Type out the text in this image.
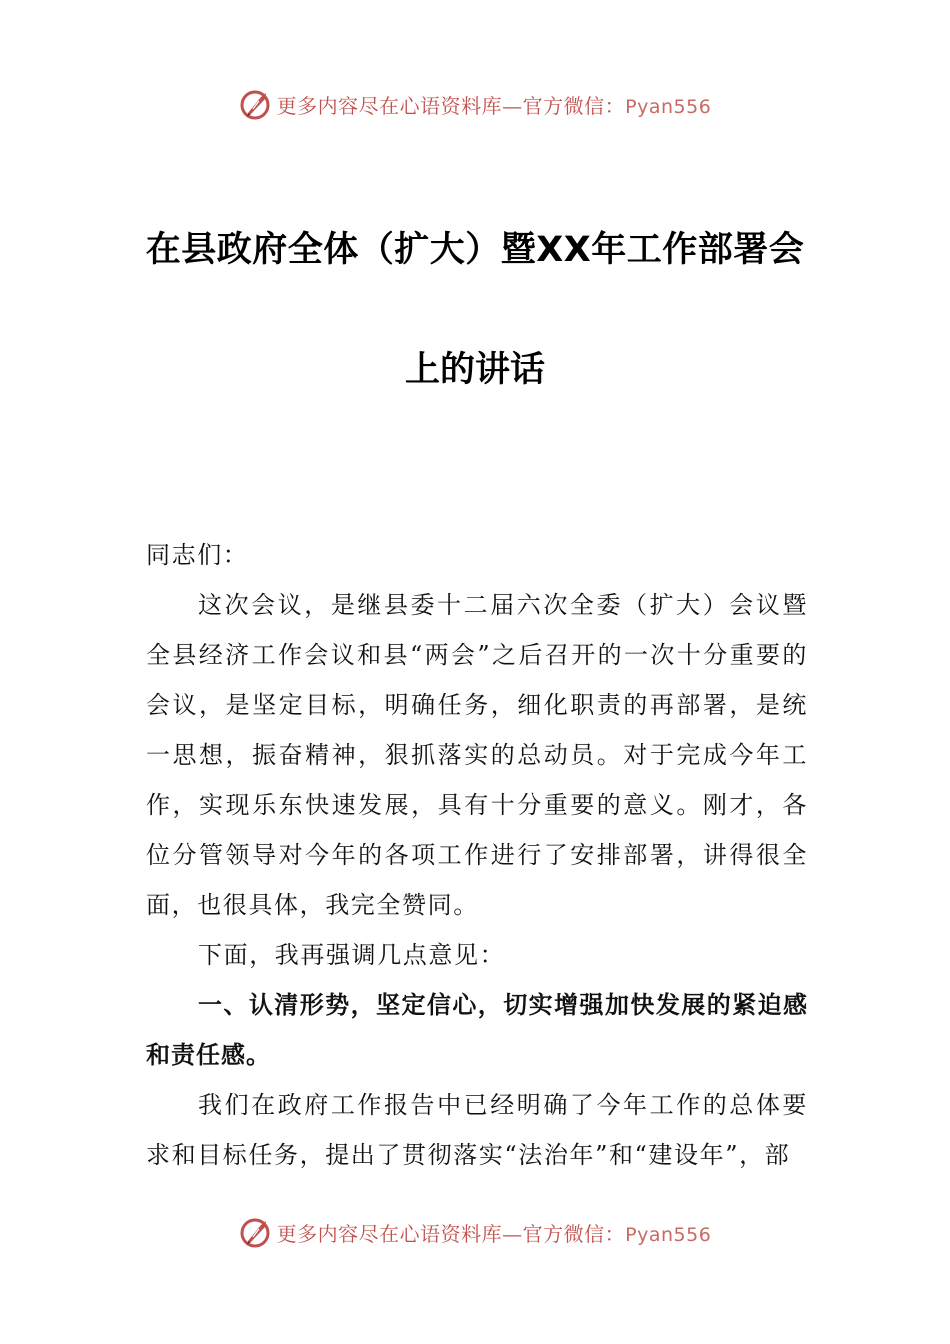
更多内容尽在心语资料库—官方微信：Pyan556
在县政府全体（扩大）暨XX年工作部署会
上的讲话

同志们：

这次会议，是继县委十二届六次全委（扩大）会议暨全县经济工作会议和县“两会”之后召开的一次十分重要的会议，是坚定目标，明确任务，细化职责的再部署，是统一思想，振奋精神，狠抓落实的总动员。对于完成今年工作，实现乐东快速发展，具有十分重要的意义。刚才，各位分管领导对今年的各项工作进行了安排部署，讲得很全面，也很具体，我完全赞同。

下面，我再强调几点意见：

一、认清形势，坚定信心，切实增强加快发展的紧迫感和责任感。

我们在政府工作报告中已经明确了今年工作的总体要求和目标任务，提出了贯彻落实“法治年”和“建设年”，部

更多内容尽在心语资料库—官方微信：Pyan556
